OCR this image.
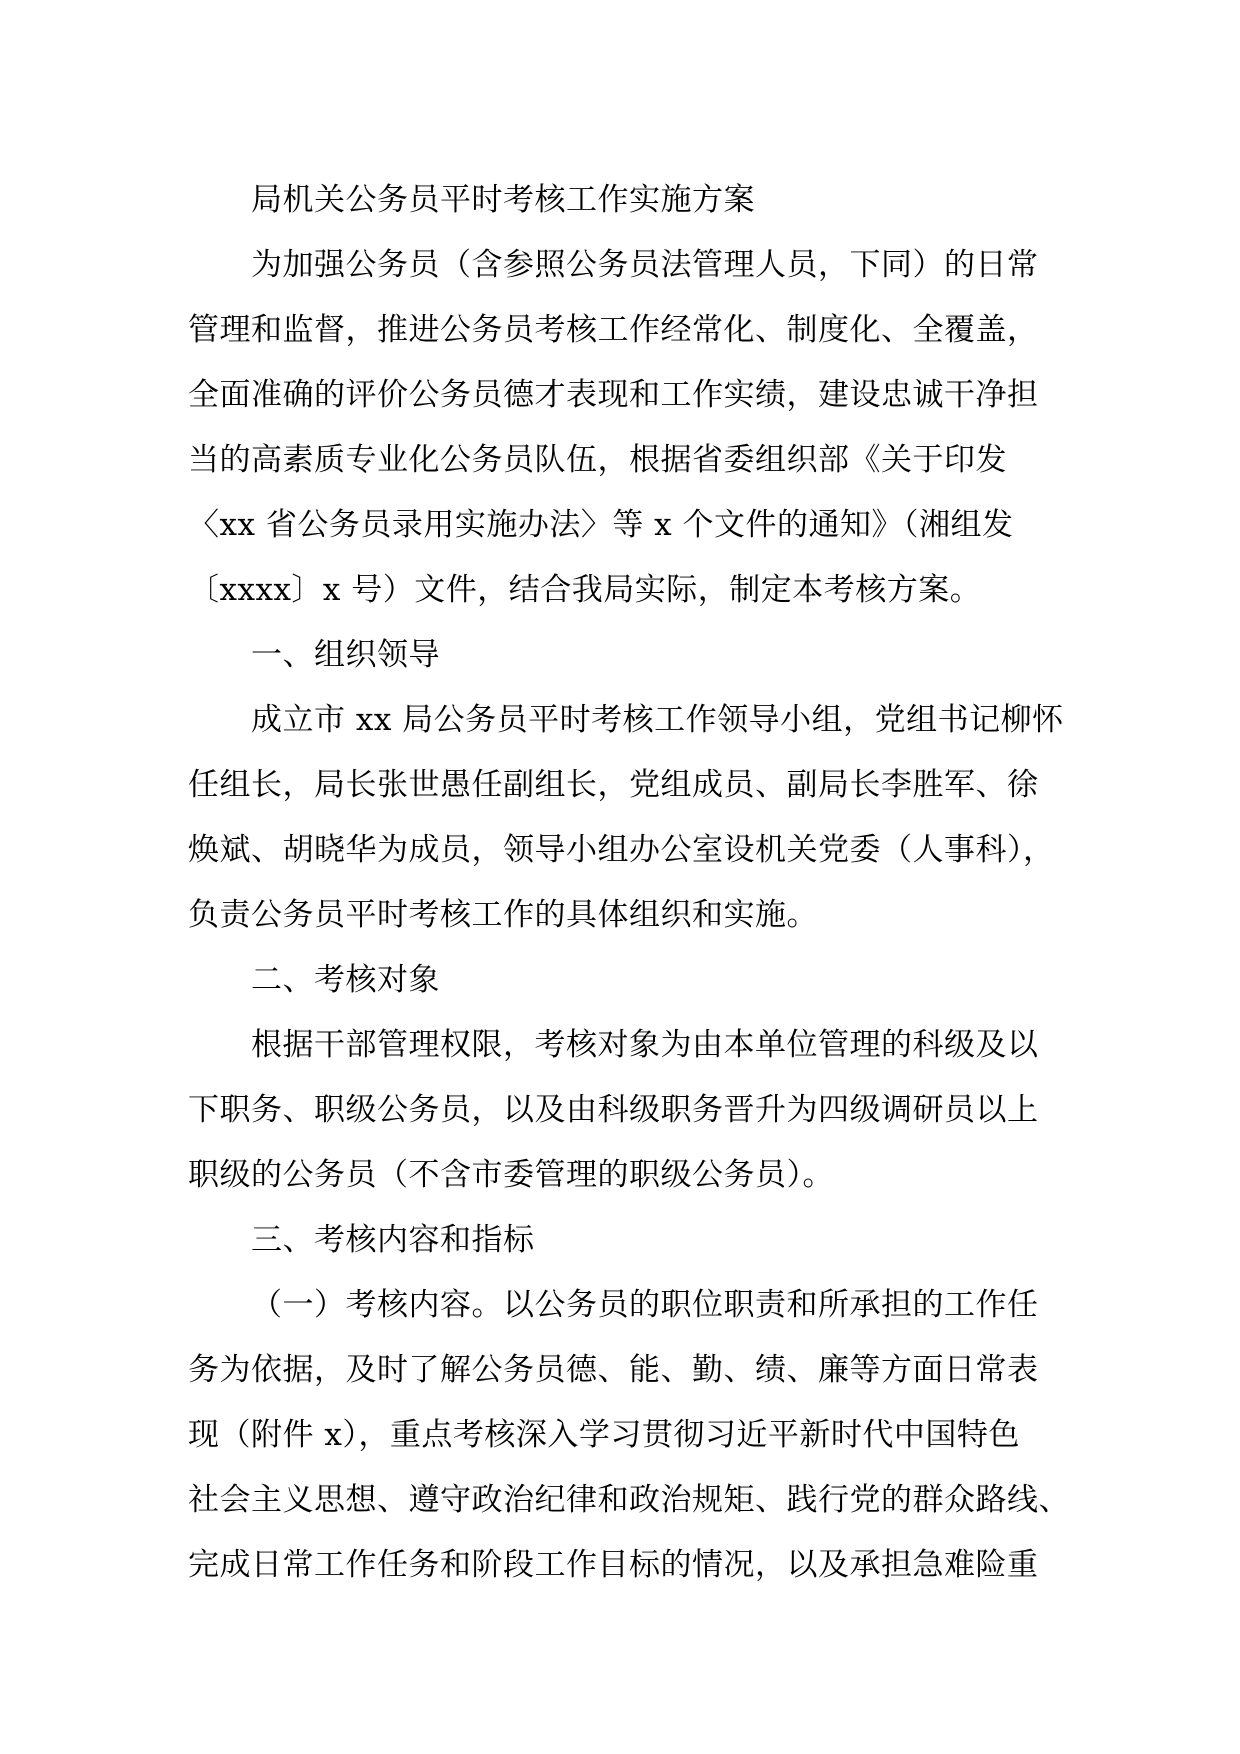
局机关公务员平时考核工作实施方案
为加强公务员（含参照公务员法管理人员，下同）的日常
管理和监督，推进公务员考核工作经常化、制度化、全覆盖，
全面准确的评价公务员德才表现和工作实绩，建设忠诚干净担
当的高素质专业化公务员队伍，根据省委组织部《关于印发
〈xx 省公务员录用实施办法〉等 x 个文件的通知》（湘组发
〔xxxx〕x 号）文件，结合我局实际，制定本考核方案。
一、组织领导
成立市 xx 局公务员平时考核工作领导小组，党组书记柳怀
任组长，局长张世愚任副组长，党组成员、副局长李胜军、徐
焕斌、胡晓华为成员，领导小组办公室设机关党委（人事科），
负责公务员平时考核工作的具体组织和实施。
二、考核对象
根据干部管理权限，考核对象为由本单位管理的科级及以
下职务、职级公务员，以及由科级职务晋升为四级调研员以上
职级的公务员（不含市委管理的职级公务员）。
三、考核内容和指标
（一）考核内容。以公务员的职位职责和所承担的工作任
务为依据，及时了解公务员德、能、勤、绩、廉等方面日常表
现（附件 x），重点考核深入学习贯彻习近平新时代中国特色
社会主义思想、遵守政治纪律和政治规矩、践行党的群众路线、
完成日常工作任务和阶段工作目标的情况，以及承担急难险重
